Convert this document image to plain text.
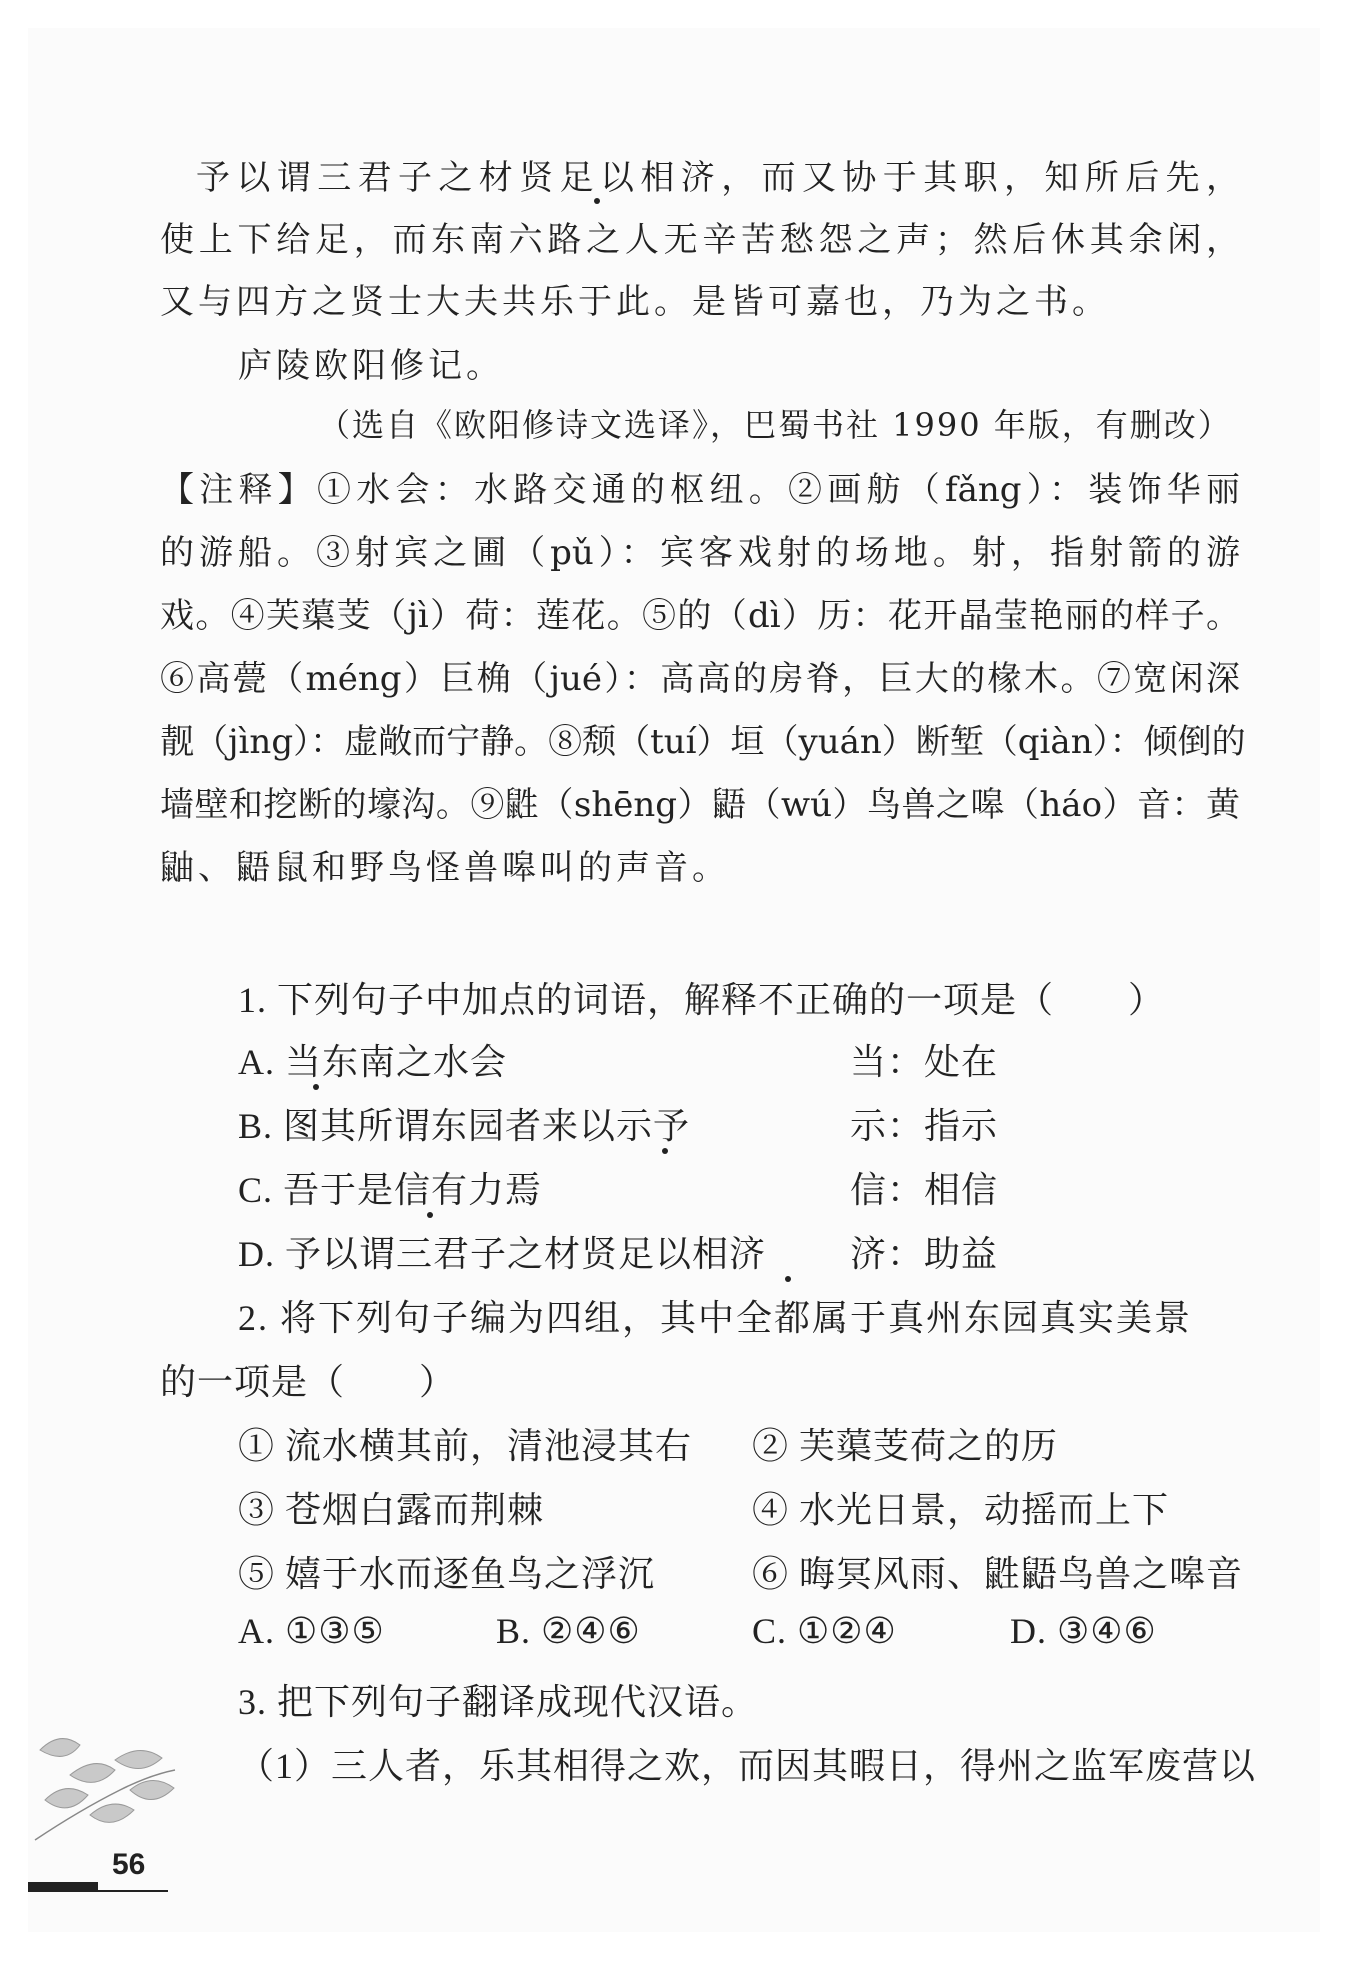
予以谓三君子之材贤足以相济，而又协于其职，知所后先，
使上下给足，而东南六路之人无辛苦愁怨之声；然后休其余闲，
又与四方之贤士大夫共乐于此。是皆可嘉也，乃为之书。
庐陵欧阳修记。
（选自《欧阳修诗文选译》，巴蜀书社 1990 年版，有删改）
【注释】①水会：水路交通的枢纽。②画舫（fǎng）：装饰华丽
的游船。③射宾之圃（pǔ）：宾客戏射的场地。射，指射箭的游
戏。④芙蕖芰（jì）荷：莲花。⑤的（dì）历：花开晶莹艳丽的样子。
⑥高甍（méng）巨桷（jué）：高高的房脊，巨大的椽木。⑦宽闲深
靓（jìng）：虚敞而宁静。⑧颓（tuí）垣（yuán）断堑（qiàn）：倾倒的
墙壁和挖断的壕沟。⑨鼪（shēng）鼯（wú）鸟兽之嗥（háo）音：黄
鼬、鼯鼠和野鸟怪兽嗥叫的声音。
1. 下列句子中加点的词语，解释不正确的一项是（　　）
A. 当东南之水会	当：处在
B. 图其所谓东园者来以示予	示：指示
C. 吾于是信有力焉	信：相信
D. 予以谓三君子之材贤足以相济 济：助益
2. 将下列句子编为四组，其中全都属于真州东园真实美景
的一项是（　　）
① 流水横其前，清池浸其右 ② 芙蕖芰荷之的历
③ 苍烟白露而荆棘	④ 水光日景，动摇而上下
⑤ 嬉于水而逐鱼鸟之浮沉	⑥ 晦冥风雨、鼪鼯鸟兽之嗥音
A. ①③⑤	B. ②④⑥	C. ①②④	D. ③④⑥
3. 把下列句子翻译成现代汉语。
（1）三人者，乐其相得之欢，而因其暇日，得州之监军废营以
56
